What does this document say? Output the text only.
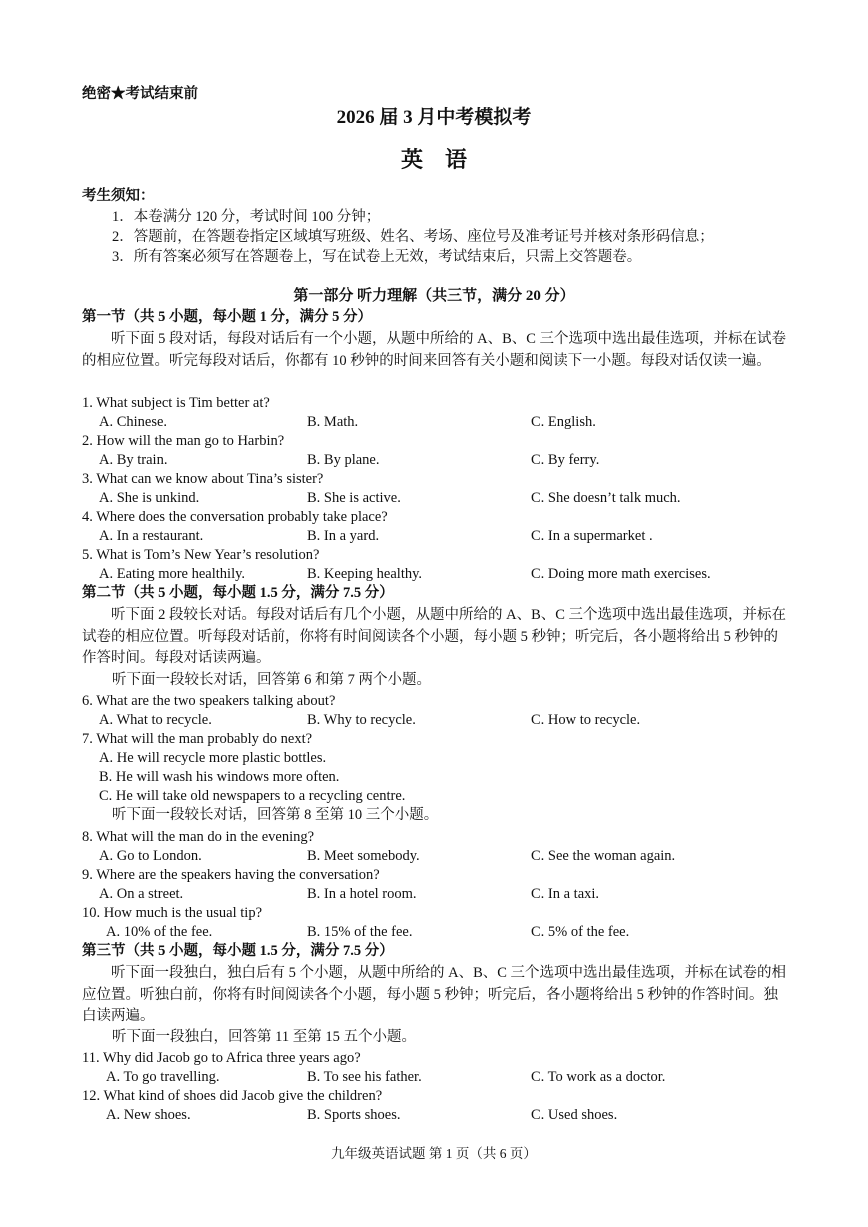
绝密★考试结束前
2026 届 3 月中考模拟考
英　语
考生须知：
1．本卷满分 120 分，考试时间 100 分钟；
2．答题前，在答题卷指定区域填写班级、姓名、考场、座位号及准考证号并核对条形码信息；
3．所有答案必须写在答题卷上，写在试卷上无效，考试结束后，只需上交答题卷。
第一部分 听力理解（共三节，满分 20 分）
第一节（共 5 小题，每小题 1 分，满分 5 分）
听下面 5 段对话，每段对话后有一个小题，从题中所给的 A、B、C 三个选项中选出最佳选项，并标在试卷的相应位置。听完每段对话后，你都有 10 秒钟的时间来回答有关小题和阅读下一小题。每段对话仅读一遍。
1. What subject is Tim better at?
A. Chinese.	B. Math.	C. English.
2. How will the man go to Harbin?
A. By train.	B. By plane.	C. By ferry.
3. What can we know about Tina’s sister?
A. She is unkind.	B. She is active.	C. She doesn’t talk much.
4. Where does the conversation probably take place?
A. In a restaurant.	B. In a yard.	C. In a supermarket .
5. What is Tom’s New Year’s resolution?
A. Eating more healthily.	B. Keeping healthy.	C. Doing more math exercises.
第二节（共 5 小题，每小题 1.5 分，满分 7.5 分）
听下面 2 段较长对话。每段对话后有几个小题，从题中所给的 A、B、C 三个选项中选出最佳选项，并标在试卷的相应位置。听每段对话前，你将有时间阅读各个小题，每小题 5 秒钟；听完后，各小题将给出 5 秒钟的作答时间。每段对话读两遍。
听下面一段较长对话，回答第 6 和第 7 两个小题。
6. What are the two speakers talking about?
A. What to recycle.	B. Why to recycle.	C. How to recycle.
7. What will the man probably do next?
A. He will recycle more plastic bottles.
B. He will wash his windows more often.
C. He will take old newspapers to a recycling centre.
听下面一段较长对话，回答第 8 至第 10 三个小题。
8. What will the man do in the evening?
A. Go to London.	B. Meet somebody.	C. See the woman again.
9. Where are the speakers having the conversation?
A. On a street.	B. In a hotel room.	C. In a taxi.
10. How much is the usual tip?
A. 10% of the fee.	B. 15% of the fee.	C. 5% of the fee.
第三节（共 5 小题，每小题 1.5 分，满分 7.5 分）
听下面一段独白，独白后有 5 个小题，从题中所给的 A、B、C 三个选项中选出最佳选项，并标在试卷的相应位置。听独白前，你将有时间阅读各个小题，每小题 5 秒钟；听完后，各小题将给出 5 秒钟的作答时间。独白读两遍。
听下面一段独白，回答第 11 至第 15 五个小题。
11. Why did Jacob go to Africa three years ago?
A. To go travelling.	B. To see his father.	C. To work as a doctor.
12. What kind of shoes did Jacob give the children?
A. New shoes.	B. Sports shoes.	C. Used shoes.
九年级英语试题 第 1 页（共 6 页）
